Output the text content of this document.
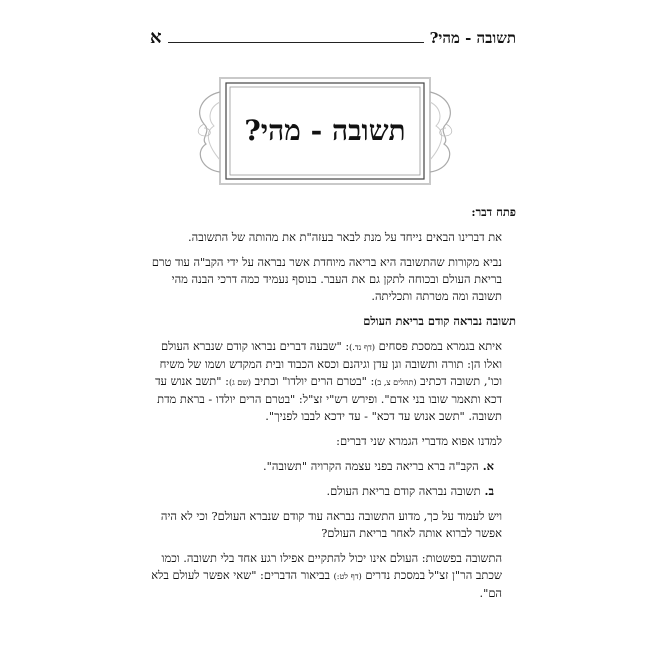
תשובה - מהי?
א
תשובה - מהי?

פתח דבר:

את דברינו הבאים נייחד על מנת לבאר בעזה"ת את מהותה של התשובה.

נביא מקורות שהתשובה היא בריאה מיוחדת אשר נבראה על ידי הקב"ה עוד טרם בריאת העולם ובכוחה לתקן גם את העבר. בנוסף נעמיד כמה דרכי הבנה מהי תשובה ומה מטרתה ותכליתה.

תשובה נבראה קודם בריאת העולם

איתא בגמרא במסכת פסחים (דף נד.): "שבעה דברים נבראו קודם שנברא העולם ואלו הן: תורה ותשובה וגן עדן וגיהנם וכסא הכבוד ובית המקדש ושמו של משיח וכו', תשובה דכתיב (תהלים צ, ב): "בטרם הרים יולדו" וכתיב (שם ג): "תשב אנוש עד דכא ותאמר שובו בני אדם". ופירש רש"י זצ"ל: "בטרם הרים יולדו - בראת מדת תשובה. "תשב אנוש עד דכא" - עד ידכא לבבו לפניך".

למדנו אפוא מדברי הגמרא שני דברים:

א.הקב"ה ברא בריאה בפני עצמה הקרויה "תשובה".

ב.תשובה נבראה קודם בריאת העולם.

ויש לעמוד על כך, מדוע התשובה נבראה עוד קודם שנברא העולם? וכי לא היה אפשר לברוא אותה לאחר בריאת העולם?

התשובה בפשטות: העולם אינו יכול להתקיים אפילו רגע אחד בלי תשובה. וכמו שכתב הר"ן זצ"ל במסכת נדרים (דף לט:) בביאור הדברים: "שאי אפשר לעולם בלא הם".
